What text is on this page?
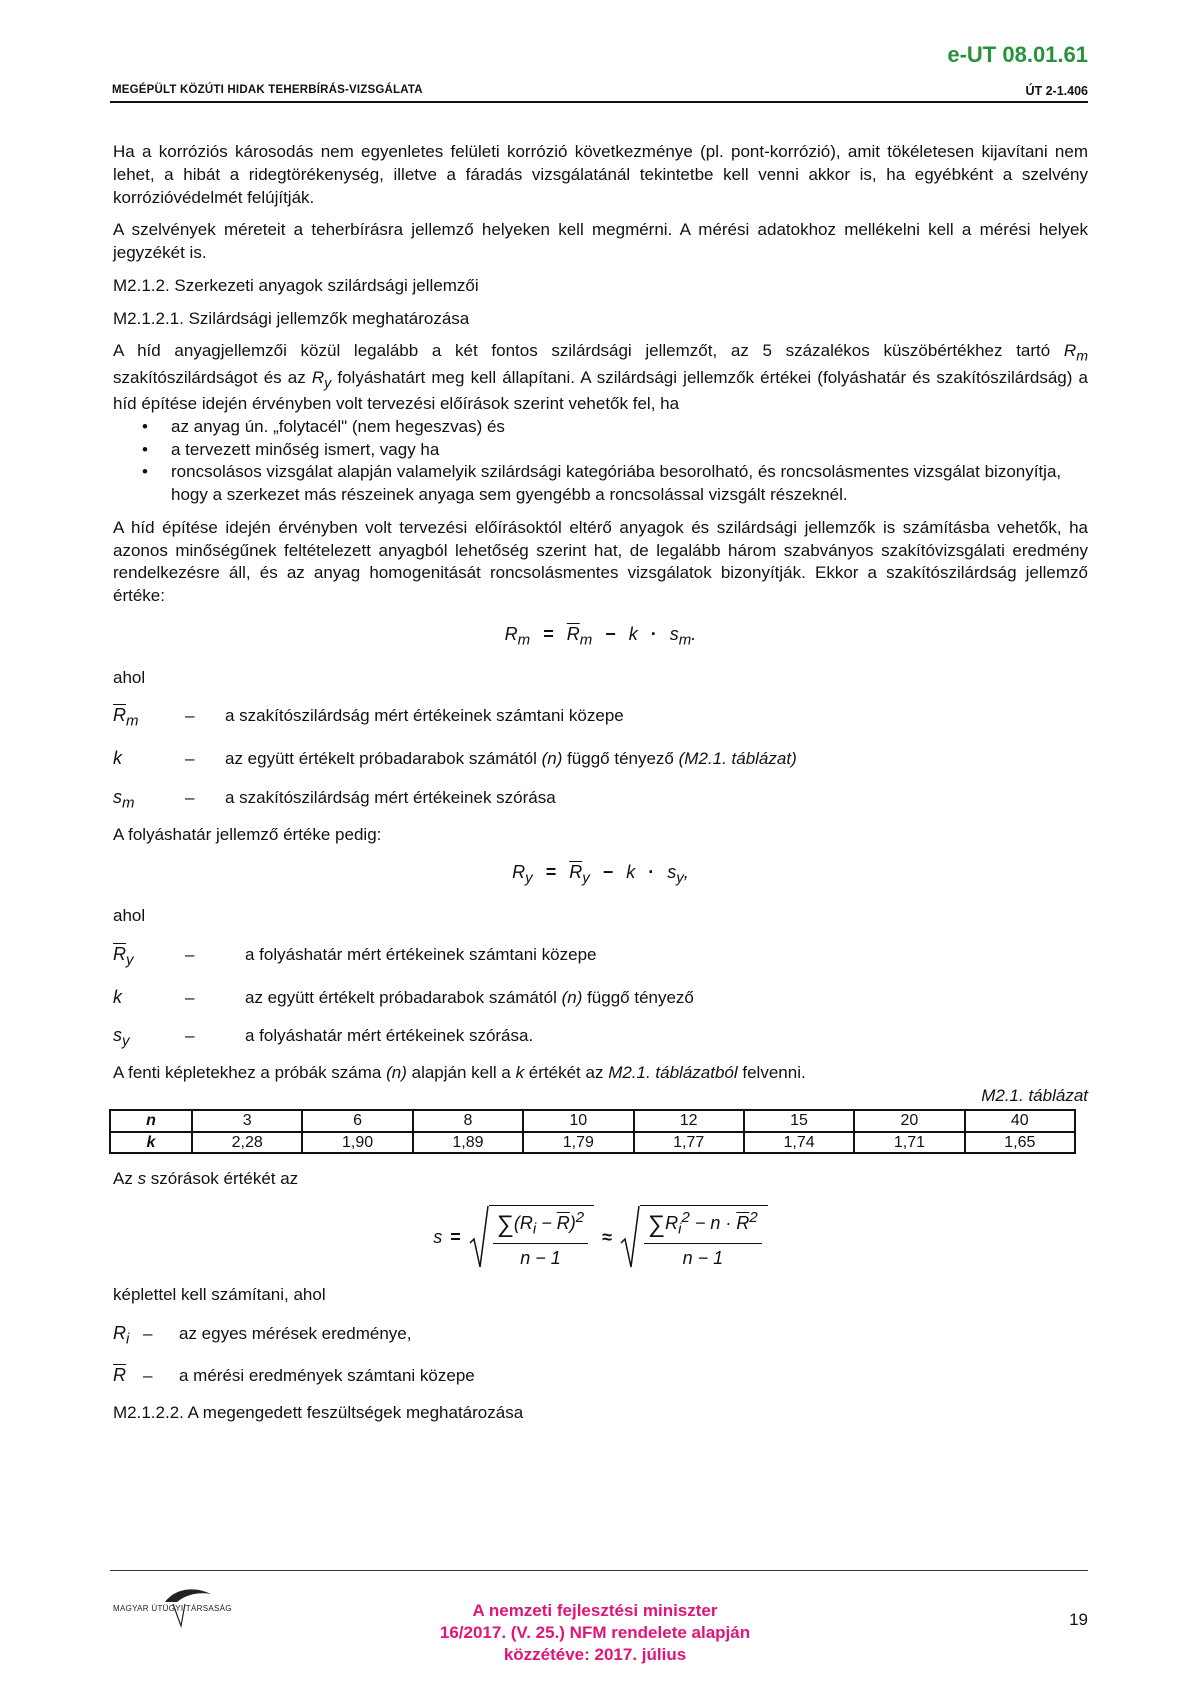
e-UT 08.01.61
MEGÉPÜLT KÖZÚTI HIDAK TEHERBÍRÁS-VIZSGÁLATA	ÚT 2-1.406

Ha a korróziós károsodás nem egyenletes felületi korrózió következménye (pl. pont-korrózió), amit tökéletesen kijavítani nem lehet, a hibát a ridegtörékenység, illetve a fáradás vizsgálatánál tekintetbe kell venni akkor is, ha egyébként a szelvény korrózióvédelmét felújítják.

A szelvények méreteit a teherbírásra jellemző helyeken kell megmérni. A mérési adatokhoz mellékelni kell a mérési helyek jegyzékét is.

M2.1.2. Szerkezeti anyagok szilárdsági jellemzői

M2.1.2.1. Szilárdsági jellemzők meghatározása

A híd anyagjellemzői közül legalább a két fontos szilárdsági jellemzőt, az 5 százalékos küszöbértékhez tartó $R_m$ szakítószilárdságot és az $R_y$ folyáshatárt meg kell állapítani. A szilárdsági jellemzők értékei (folyáshatár és szakítószilárdság) a híd építése idején érvényben volt tervezési előírások szerint vehetők fel, ha

• az anyag ún. „folytacél" (nem hegeszvas) és
• a tervezett minőség ismert, vagy ha
• roncsolásos vizsgálat alapján valamelyik szilárdsági kategóriába besorolható, és roncsolásmentes vizsgálat bizonyítja, hogy a szerkezet más részeinek anyaga sem gyengébb a roncsolással vizsgált részeknél.

A híd építése idején érvényben volt tervezési előírásoktól eltérő anyagok és szilárdsági jellemzők is számításba vehetők, ha azonos minőségűnek feltételezett anyagból lehetőség szerint hat, de legalább három szabványos szakítóvizsgálati eredmény rendelkezésre áll, és az anyag homogenitását roncsolásmentes vizsgálatok bizonyítják. Ekkor a szakítószilárdság jellemző értéke:

$R_m = \overline{R}_m - k \cdot s_m$.

ahol

$\overline{R}_m$	–	a szakítószilárdság mért értékeinek számtani közepe
k	–	az együtt értékelt próbadarabok számától (n) függő tényező (M2.1. táblázat)
$s_m$	–	a szakítószilárdság mért értékeinek szórása

A folyáshatár jellemző értéke pedig:

$R_y = \overline{R}_y - k \cdot s_y$,

ahol

$\overline{R}_y$	–	a folyáshatár mért értékeinek számtani közepe
k	–	az együtt értékelt próbadarabok számától (n) függő tényező
$s_y$	–	a folyáshatár mért értékeinek szórása.

A fenti képletekhez a próbák száma (n) alapján kell a k értékét az M2.1. táblázatból felvenni.

M2.1. táblázat

n	3	6	8	10	12	15	20	40
k	2,28	1,90	1,89	1,79	1,77	1,74	1,71	1,65

Az s szórások értékét az

s =	$\frac{\sum(R_i - \overline{R})^2}{n - 1}$ ≈	$\frac{\sum R_i^2 - n \cdot \overline{R}^2}{n - 1}$

képlettel kell számítani, ahol

$R_i$ –	az egyes mérések eredménye,
$\overline{R}$	–	a mérési eredmények számtani közepe

M2.1.2.2. A megengedett feszültségek meghatározása

MAGYAR ÚTÜGYI TÁRSASÁG	A nemzeti fejlesztési miniszter
16/2017. (V. 25.) NFM rendelete alapján
közzétéve: 2017. július
19
